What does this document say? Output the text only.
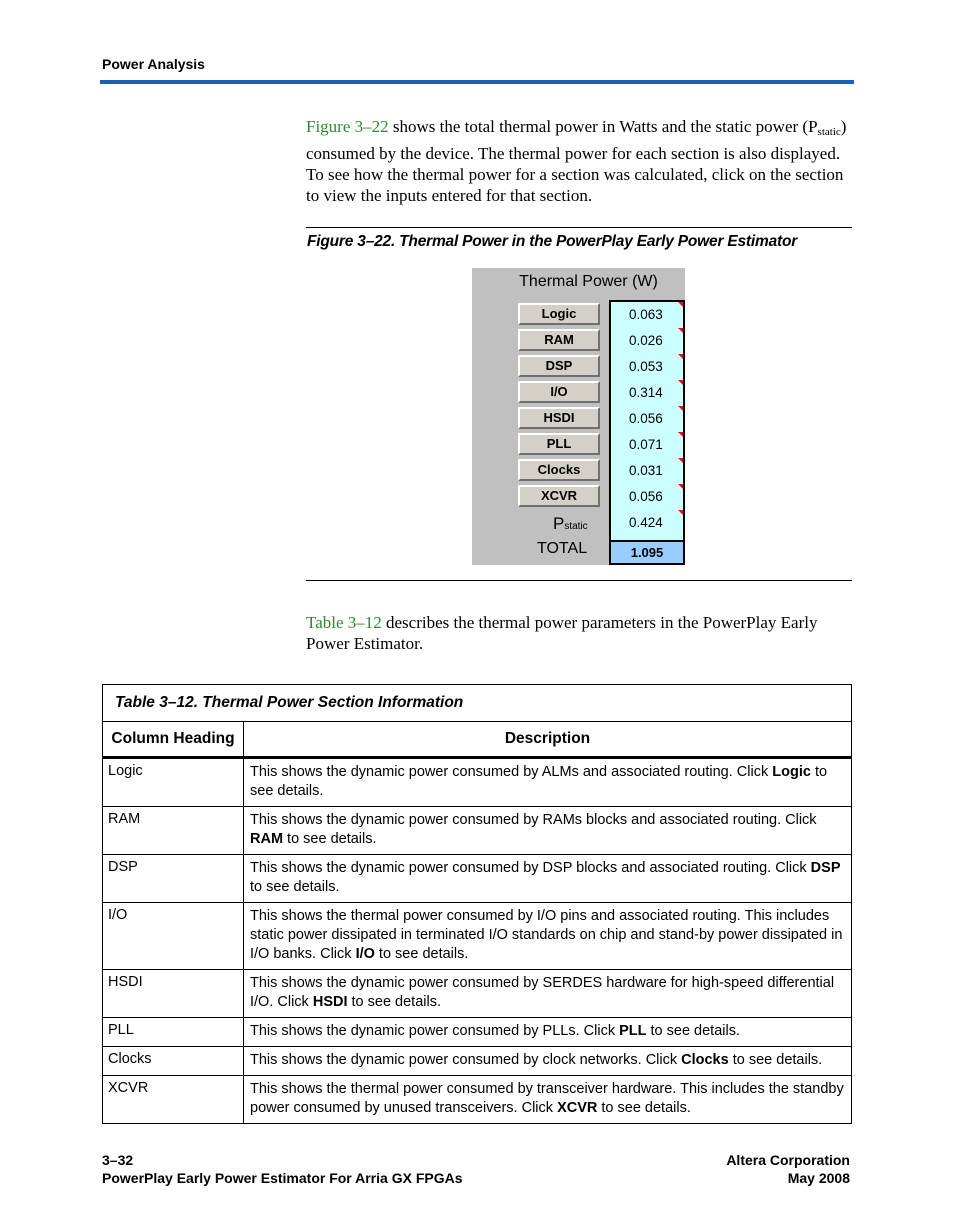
Power Analysis
Figure 3–22 shows the total thermal power in Watts and the static power $(P_{static})$ consumed by the device. The thermal power for each section is also displayed. To see how the thermal power for a section was calculated, click on the section to view the inputs entered for that section.
Figure 3–22. Thermal Power in the PowerPlay Early Power Estimator
Thermal Power (W)
Logic	0.063
RAM	0.026
DSP	0.053
I/O	0.314
HSDI	0.056
PLL	0.071
Clocks	0.031
XCVR	0.056
Pstatic	0.424
TOTAL	1.095
Table 3–12 describes the thermal power parameters in the PowerPlay Early Power Estimator.
Table 3–12. Thermal Power Section Information	
Column Heading	Description
Logic	This shows the dynamic power consumed by ALMs and associated routing. Click Logic to see details.
RAM	This shows the dynamic power consumed by RAMs blocks and associated routing. Click RAM to see details.
DSP	This shows the dynamic power consumed by DSP blocks and associated routing. Click DSP to see details.
I/O	This shows the thermal power consumed by I/O pins and associated routing. This includes static power dissipated in terminated I/O standards on chip and stand-by power dissipated in I/O banks. Click I/O to see details.
HSDI	This shows the dynamic power consumed by SERDES hardware for high-speed differential I/O. Click HSDI to see details.
PLL	This shows the dynamic power consumed by PLLs. Click PLL to see details.
Clocks	This shows the dynamic power consumed by clock networks. Click Clocks to see details.
XCVR	This shows the thermal power consumed by transceiver hardware. This includes the standby power consumed by unused transceivers. Click XCVR to see details.
3–32
PowerPlay Early Power Estimator For Arria GX FPGAs
Altera Corporation
May 2008
